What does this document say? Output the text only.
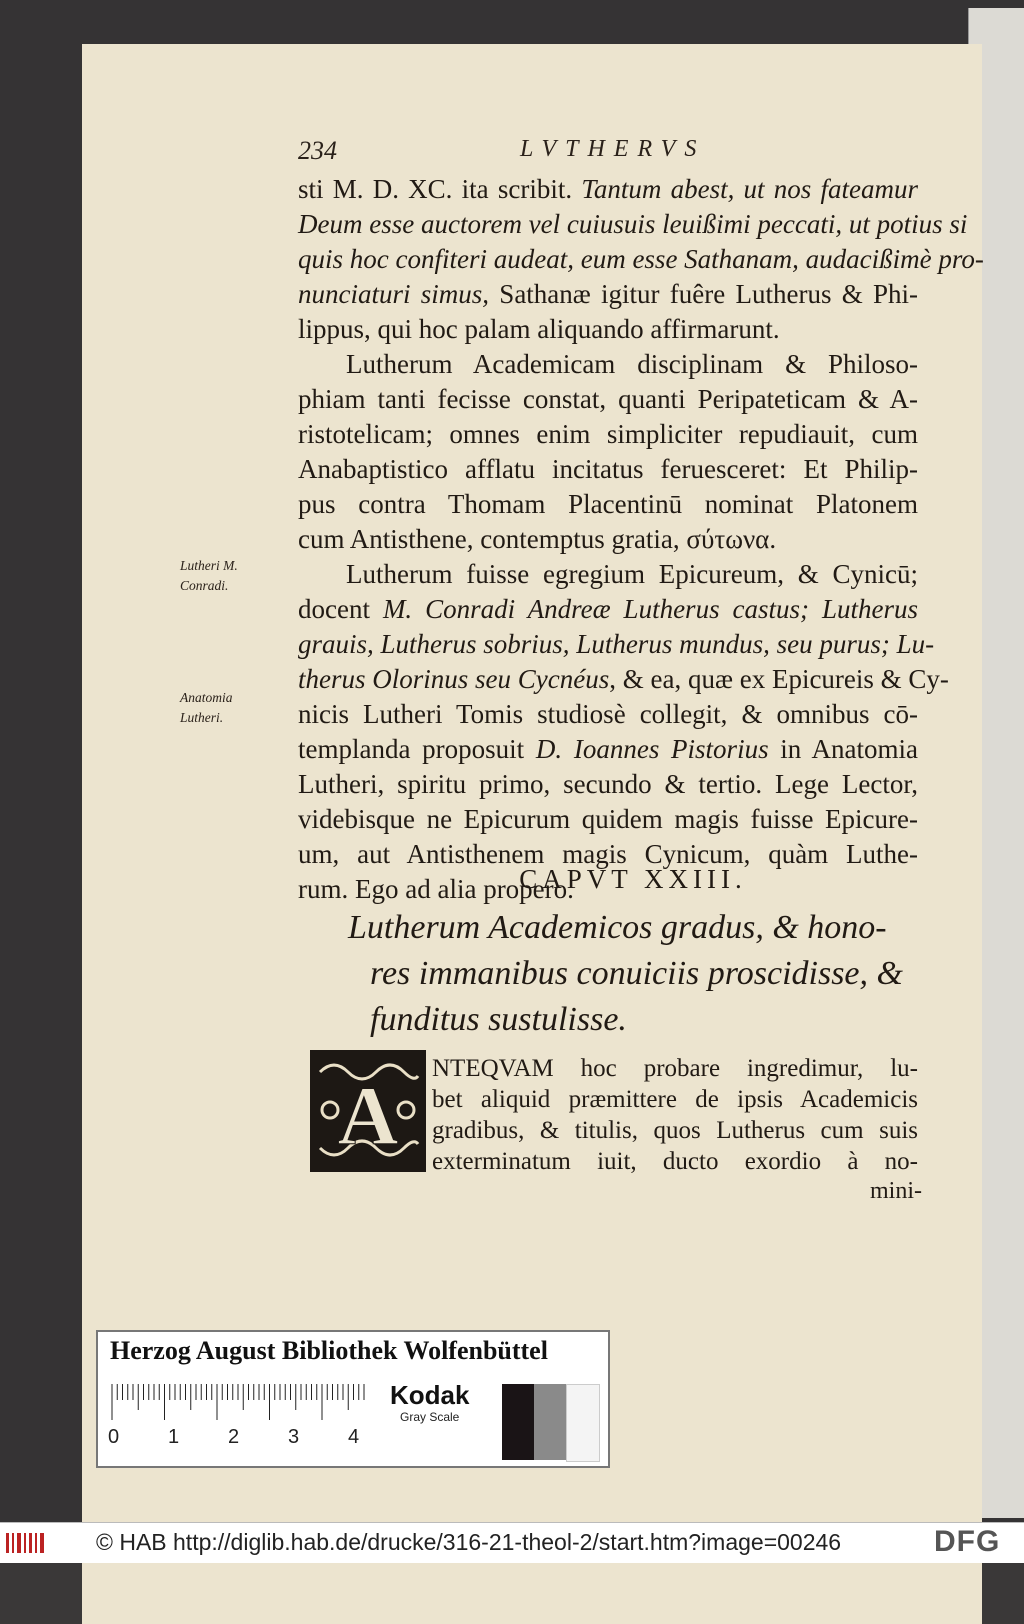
234	LVTHERVS

sti M. D. XC. ita scribit. Tantum abest, ut nos fateamur

Deum esse auctorem vel cuiusuis leuißimi peccati, ut potius si

quis hoc confiteri audeat, eum esse Sathanam, audacißimè pro-

nunciaturi simus, Sathanæ igitur fuêre Lutherus & Phi-

lippus, qui hoc palam aliquando affirmarunt.

Lutherum Academicam disciplinam & Philoso-

phiam tanti fecisse constat, quanti Peripateticam & A-

ristotelicam; omnes enim simpliciter repudiauit, cum

Anabaptistico afflatu incitatus feruesceret: Et Philip-

pus contra Thomam Placentinū nominat Platonem

cum Antisthene, contemptus gratia, σύτωνα.

Lutherum fuisse egregium Epicureum, & Cynicū;

docent M. Conradi Andreæ Lutherus castus; Lutherus

grauis, Lutherus sobrius, Lutherus mundus, seu purus; Lu-

therus Olorinus seu Cycnéus, & ea, quæ ex Epicureis & Cy-

nicis Lutheri Tomis studiosè collegit, & omnibus cō-

templanda proposuit D. Ioannes Pistorius in Anatomia

Lutheri, spiritu primo, secundo & tertio. Lege Lector,

videbisque ne Epicurum quidem magis fuisse Epicure-

um, aut Antisthenem magis Cynicum, quàm Luthe-

rum. Ego ad alia propero.

Lutheri M.
Conradi.
Anatomia
Lutheri.
CAPVT XXIII.

Lutherum Academicos gradus, & hono-

res immanibus conuiciis proscidisse, &

funditus sustulisse.

A

NTEQVAM hoc probare ingredimur, lu-

bet aliquid præmittere de ipsis Academicis

gradibus, & titulis, quos Lutherus cum suis

exterminatum iuit, ducto exordio à no-

mini-
Herzog August Bibliothek Wolfenbüttel
0 1 2 3 4
Kodak
Gray Scale
© HAB http://diglib.hab.de/drucke/316-21-theol-2/start.htm?image=00246	DFG
